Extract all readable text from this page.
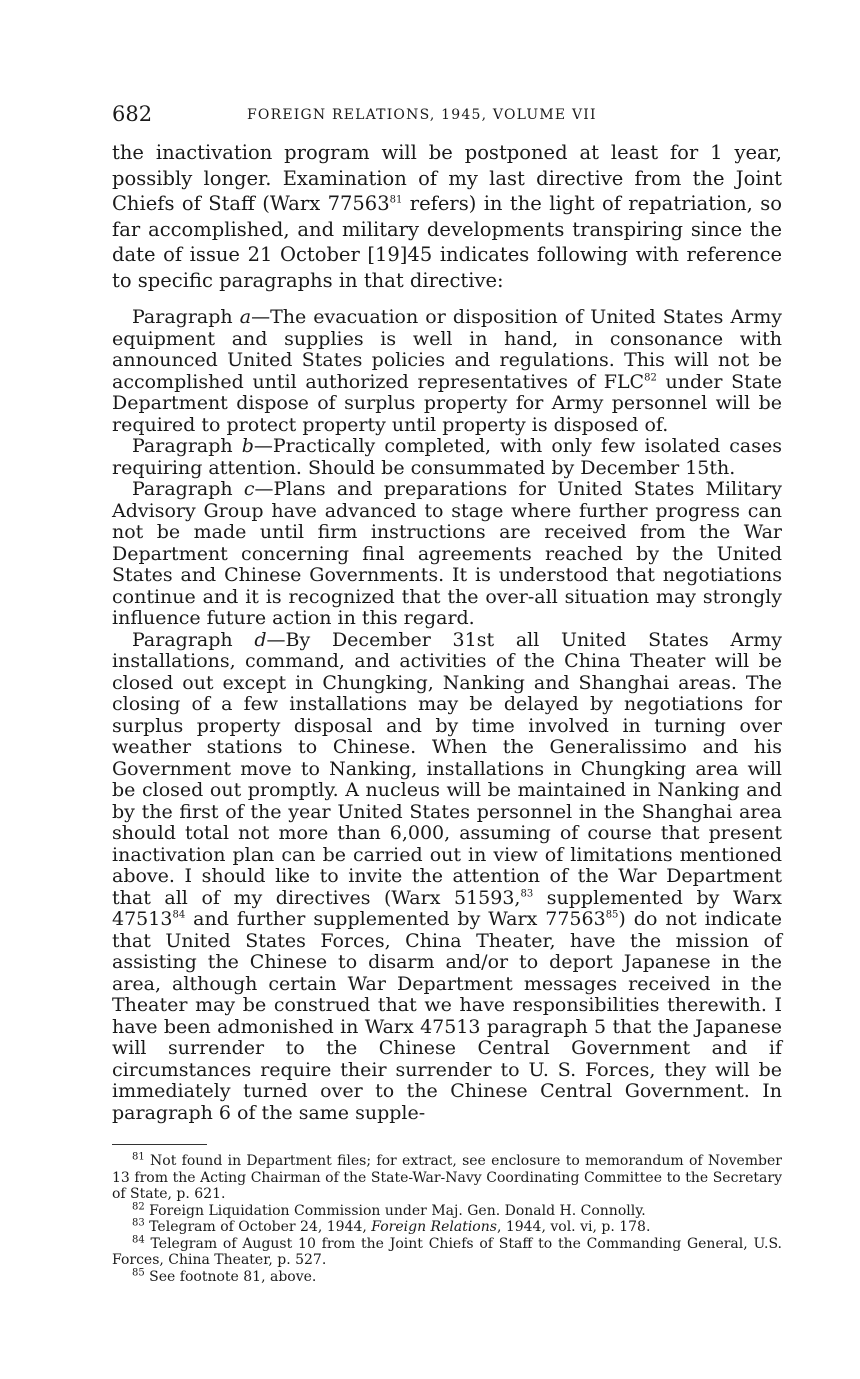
682	FOREIGN RELATIONS, 1945, VOLUME VII

the inactivation program will be postponed at least for 1 year, possibly longer. Examination of my last directive from the Joint Chiefs of Staff (Warx 77563$^{81}$ refers) in the light of repatriation, so far accomplished, and military developments transpiring since the date of issue 21 October [19]45 indicates following with reference to specific paragraphs in that directive:

Paragraph a—The evacuation or disposition of United States Army equipment and supplies is well in hand, in consonance with announced United States policies and regulations. This will not be accomplished until authorized representatives of FLC$^{82}$ under State Department dispose of surplus property for Army personnel will be required to protect property until property is disposed of.

Paragraph b—Practically completed, with only few isolated cases requiring attention. Should be consummated by December 15th.

Paragraph c—Plans and preparations for United States Military Advisory Group have advanced to stage where further progress can not be made until firm instructions are received from the War Department concerning final agreements reached by the United States and Chinese Governments. It is understood that negotiations continue and it is recognized that the over-all situation may strongly influence future action in this regard.

Paragraph d—By December 31st all United States Army installations, command, and activities of the China Theater will be closed out except in Chungking, Nanking and Shanghai areas. The closing of a few installations may be delayed by negotiations for surplus property disposal and by time involved in turning over weather stations to Chinese. When the Generalissimo and his Government move to Nanking, installations in Chungking area will be closed out promptly. A nucleus will be maintained in Nanking and by the first of the year United States personnel in the Shanghai area should total not more than 6,000, assuming of course that present inactivation plan can be carried out in view of limitations mentioned above. I should like to invite the attention of the War Department that all of my directives (Warx 51593,83 supplemented by Warx 47513$^{84}$ and further supplemented by Warx 77563$^{85}$) do not indicate that United States Forces, China Theater, have the mission of assisting the Chinese to disarm and/or to deport Japanese in the area, although certain War Department messages received in the Theater may be construed that we have responsibilities therewith. I have been admonished in Warx 47513 paragraph 5 that the Japanese will surrender to the Chinese Central Government and if circumstances require their surrender to U. S. Forces, they will be immediately turned over to the Chinese Central Government. In paragraph 6 of the same supple-

$^{81}$ Not found in Department files; for extract, see enclosure to memorandum of November 13 from the Acting Chairman of the State-War-Navy Coordinating Committee to the Secretary of State, p. 621.

$^{82}$ Foreign Liquidation Commission under Maj. Gen. Donald H. Connolly.

$^{83}$ Telegram of October 24, 1944, Foreign Relations, 1944, vol. vi, p. 178.

$^{84}$ Telegram of August 10 from the Joint Chiefs of Staff to the Commanding General, U.S. Forces, China Theater, p. 527.

$^{85}$ See footnote 81, above.
